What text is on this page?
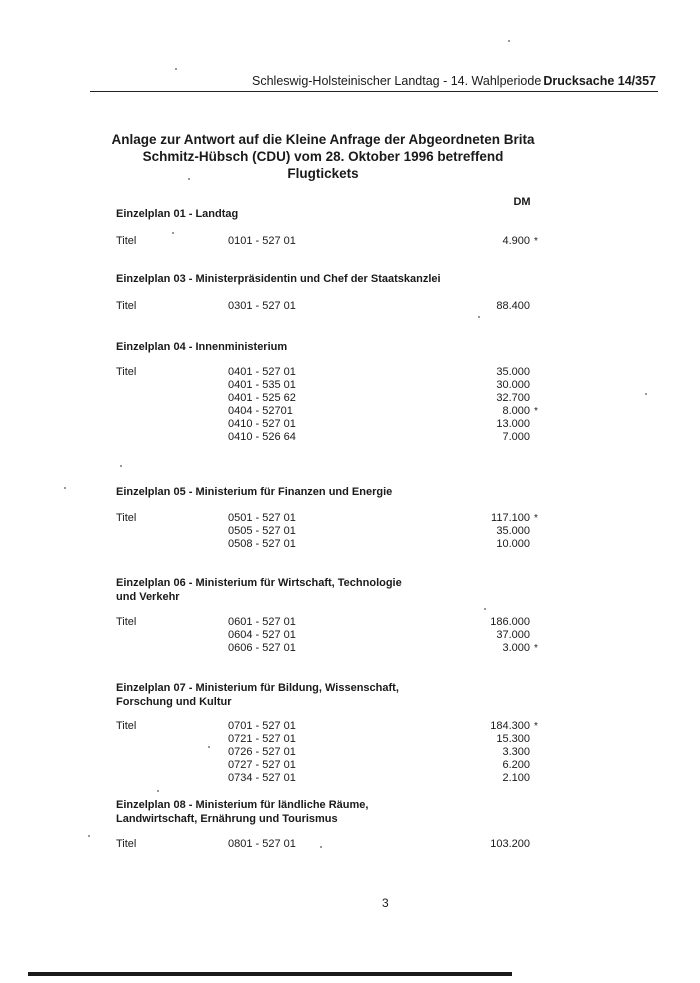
Schleswig-Holsteinischer Landtag - 14. Wahlperiode Drucksache 14/357
Anlage zur Antwort auf die Kleine Anfrage der Abgeordneten Brita
Schmitz-Hübsch (CDU) vom 28. Oktober 1996 betreffend
Flugtickets
DM
Einzelplan 01 - Landtag
Titel	0101 - 527 01	4.900 *
Einzelplan 03 - Ministerpräsidentin und Chef der Staatskanzlei
Titel	0301 - 527 01	88.400
Einzelplan 04 - Innenministerium
Titel	0401 - 527 01	35.000
0401 - 535 01	30.000
0401 - 525 62	32.700
0404 - 52701	8.000 *
0410 - 527 01	13.000
0410 - 526 64	7.000
Einzelplan 05 - Ministerium für Finanzen und Energie
Titel	0501 - 527 01	117.100 *
0505 - 527 01	35.000
0508 - 527 01	10.000
Einzelplan 06 - Ministerium für Wirtschaft, Technologie und Verkehr
Titel	0601 - 527 01	186.000
0604 - 527 01	37.000
0606 - 527 01	3.000 *
Einzelplan 07 - Ministerium für Bildung, Wissenschaft, Forschung und Kultur
Titel	0701 - 527 01	184.300 *
0721 - 527 01	15.300
0726 - 527 01	3.300
0727 - 527 01	6.200
0734 - 527 01	2.100
Einzelplan 08 - Ministerium für ländliche Räume, Landwirtschaft, Ernährung und Tourismus
Titel	0801 - 527 01	103.200
3
